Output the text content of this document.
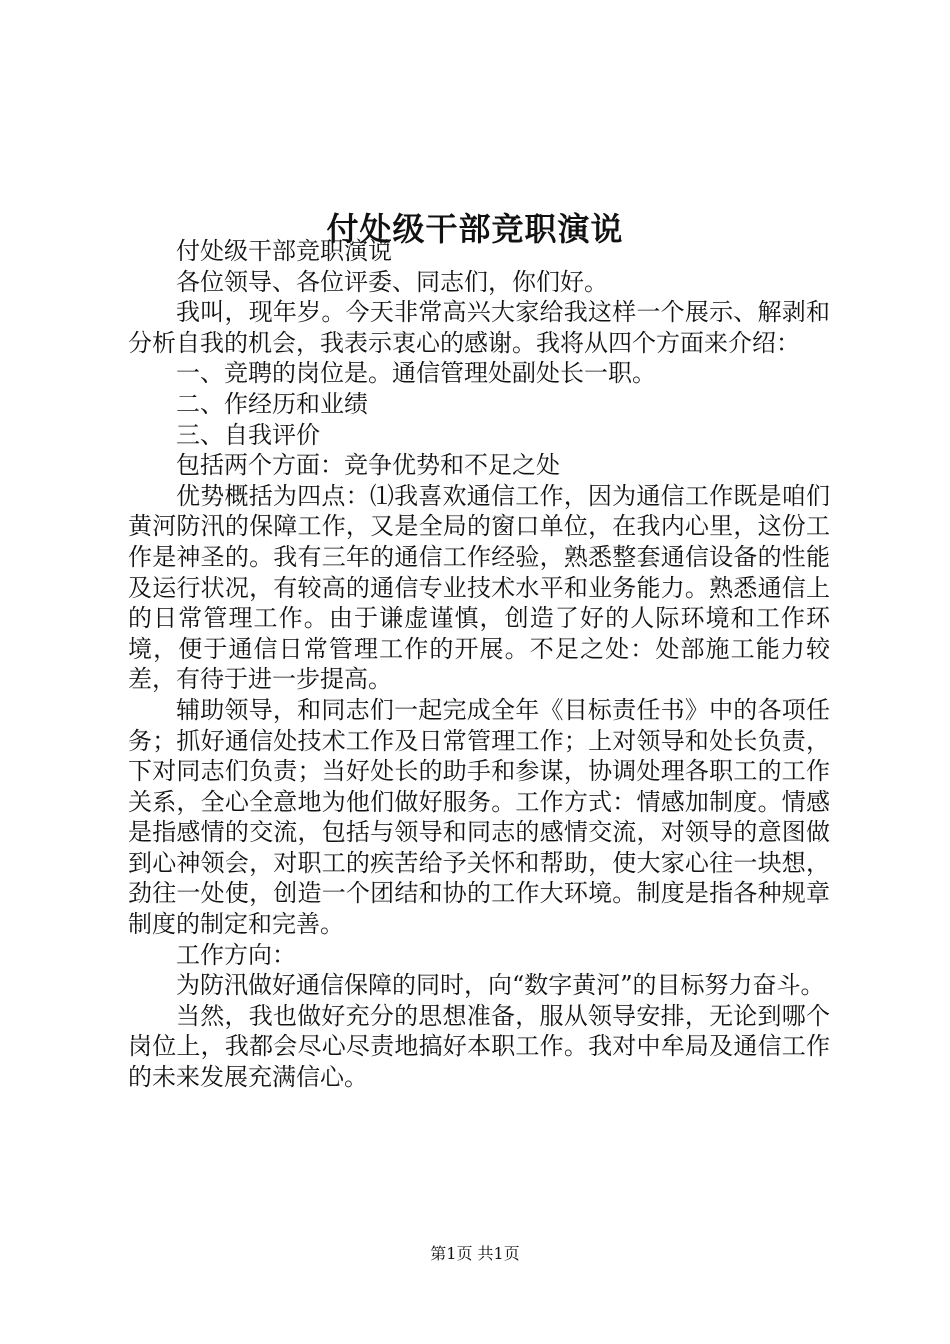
付处级干部竞职演说

付处级干部竞职演说

各位领导、各位评委、同志们，你们好。

我叫，现年岁。今天非常高兴大家给我这样一个展示、解剥和分析自我的机会，我表示衷心的感谢。我将从四个方面来介绍：

一、竞聘的岗位是。通信管理处副处长一职。

二、作经历和业绩

三、自我评价

包括两个方面：竞争优势和不足之处

优势概括为四点：⑴我喜欢通信工作，因为通信工作既是咱们黄河防汛的保障工作，又是全局的窗口单位，在我内心里，这份工作是神圣的。我有三年的通信工作经验，熟悉整套通信设备的性能及运行状况，有较高的通信专业技术水平和业务能力。熟悉通信上的日常管理工作。由于谦虚谨慎，创造了好的人际环境和工作环境，便于通信日常管理工作的开展。不足之处：处部施工能力较差，有待于进一步提高。

辅助领导，和同志们一起完成全年《目标责任书》中的各项任务；抓好通信处技术工作及日常管理工作；上对领导和处长负责，下对同志们负责；当好处长的助手和参谋，协调处理各职工的工作关系，全心全意地为他们做好服务。工作方式：情感加制度。情感是指感情的交流，包括与领导和同志的感情交流，对领导的意图做到心神领会，对职工的疾苦给予关怀和帮助，使大家心往一块想，劲往一处使，创造一个团结和协的工作大环境。制度是指各种规章制度的制定和完善。

工作方向：

为防汛做好通信保障的同时，向“数字黄河”的目标努力奋斗。

当然，我也做好充分的思想准备，服从领导安排，无论到哪个岗位上，我都会尽心尽责地搞好本职工作。我对中牟局及通信工作的未来发展充满信心。

第1页 共1页
